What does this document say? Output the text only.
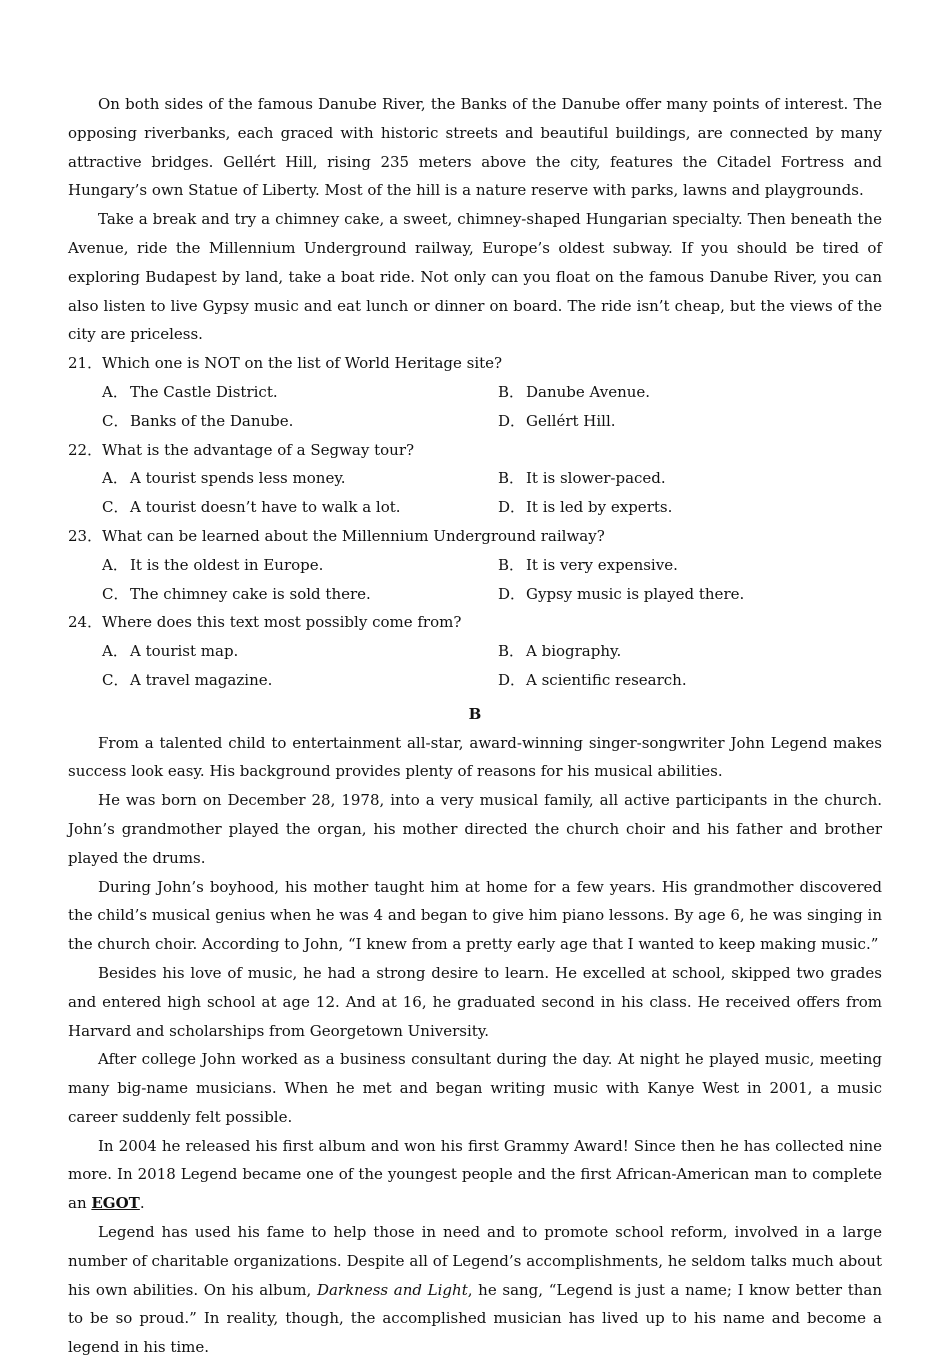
On both sides of the famous Danube River, the Banks of the Danube offer many points of interest. The opposing riverbanks, each graced with historic streets and beautiful buildings, are connected by many attractive bridges. Gellért Hill, rising 235 meters above the city, features the Citadel Fortress and Hungary’s own Statue of Liberty. Most of the hill is a nature reserve with parks, lawns and playgrounds.

Take a break and try a chimney cake, a sweet, chimney-shaped Hungarian specialty. Then beneath the Avenue, ride the Millennium Underground railway, Europe’s oldest subway. If you should be tired of exploring Budapest by land, take a boat ride. Not only can you float on the famous Danube River, you can also listen to live Gypsy music and eat lunch or dinner on board. The ride isn’t cheap, but the views of the city are priceless.

21． Which one is NOT on the list of World Heritage site?
A． The Castle District.	B． Danube Avenue.
C． Banks of the Danube.	D． Gellért Hill.
22． What is the advantage of a Segway tour?
A． A tourist spends less money.	B． It is slower-paced.
C． A tourist doesn’t have to walk a lot.	D． It is led by experts.
23． What can be learned about the Millennium Underground railway?
A． It is the oldest in Europe.	B． It is very expensive.
C． The chimney cake is sold there.	D． Gypsy music is played there.
24． Where does this text most possibly come from?
A． A tourist map.	B． A biography.
C． A travel magazine.	D． A scientific research.
B

From a talented child to entertainment all-star, award-winning singer-songwriter John Legend makes success look easy. His background provides plenty of reasons for his musical abilities.

He was born on December 28, 1978, into a very musical family, all active participants in the church. John’s grandmother played the organ, his mother directed the church choir and his father and brother played the drums.

During John’s boyhood, his mother taught him at home for a few years. His grandmother discovered the child’s musical genius when he was 4 and began to give him piano lessons. By age 6, he was singing in the church choir. According to John, “I knew from a pretty early age that I wanted to keep making music.”

Besides his love of music, he had a strong desire to learn. He excelled at school, skipped two grades and entered high school at age 12. And at 16, he graduated second in his class. He received offers from Harvard and scholarships from Georgetown University.

After college John worked as a business consultant during the day. At night he played music, meeting many big-name musicians. When he met and began writing music with Kanye West in 2001, a music career suddenly felt possible.

In 2004 he released his first album and won his first Grammy Award! Since then he has collected nine more. In 2018 Legend became one of the youngest people and the first African-American man to complete an EGOT.

Legend has used his fame to help those in need and to promote school reform, involved in a large number of charitable organizations. Despite all of Legend’s accomplishments, he seldom talks much about his own abilities. On his album, Darkness and Light, he sang, “Legend is just a name; I know better than to be so proud.” In reality, though, the accomplished musician has lived up to his name and become a legend in his time.
